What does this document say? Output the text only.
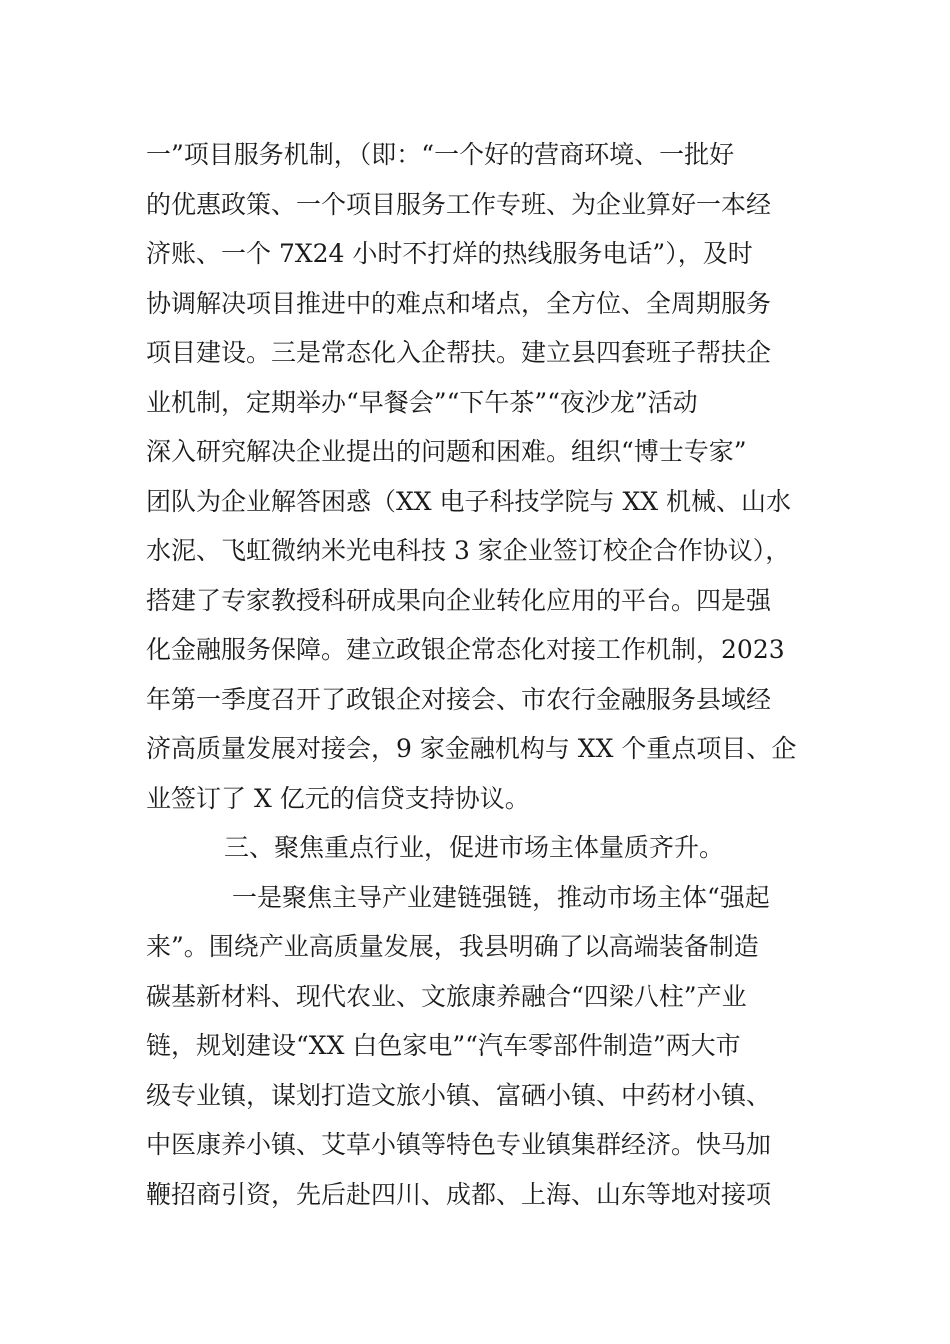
一”项目服务机制，（即：“一个好的营商环境、一批好
的优惠政策、一个项目服务工作专班、为企业算好一本经
济账、一个 7X24 小时不打烊的热线服务电话”），及时
协调解决项目推进中的难点和堵点，全方位、全周期服务
项目建设。三是常态化入企帮扶。建立县四套班子帮扶企
业机制，定期举办“早餐会”“下午茶”“夜沙龙”活动
深入研究解决企业提出的问题和困难。组织“博士专家”
团队为企业解答困惑（XX 电子科技学院与 XX 机械、山水
水泥、飞虹微纳米光电科技 3 家企业签订校企合作协议），
搭建了专家教授科研成果向企业转化应用的平台。四是强
化金融服务保障。建立政银企常态化对接工作机制，2023
年第一季度召开了政银企对接会、市农行金融服务县域经
济高质量发展对接会，9 家金融机构与 XX 个重点项目、企
业签订了 X 亿元的信贷支持协议。
三、聚焦重点行业，促进市场主体量质齐升。
一是聚焦主导产业建链强链，推动市场主体“强起
来”。围绕产业高质量发展，我县明确了以高端装备制造
碳基新材料、现代农业、文旅康养融合“四梁八柱”产业
链，规划建设“XX 白色家电”“汽车零部件制造”两大市
级专业镇，谋划打造文旅小镇、富硒小镇、中药材小镇、
中医康养小镇、艾草小镇等特色专业镇集群经济。快马加
鞭招商引资，先后赴四川、成都、上海、山东等地对接项
